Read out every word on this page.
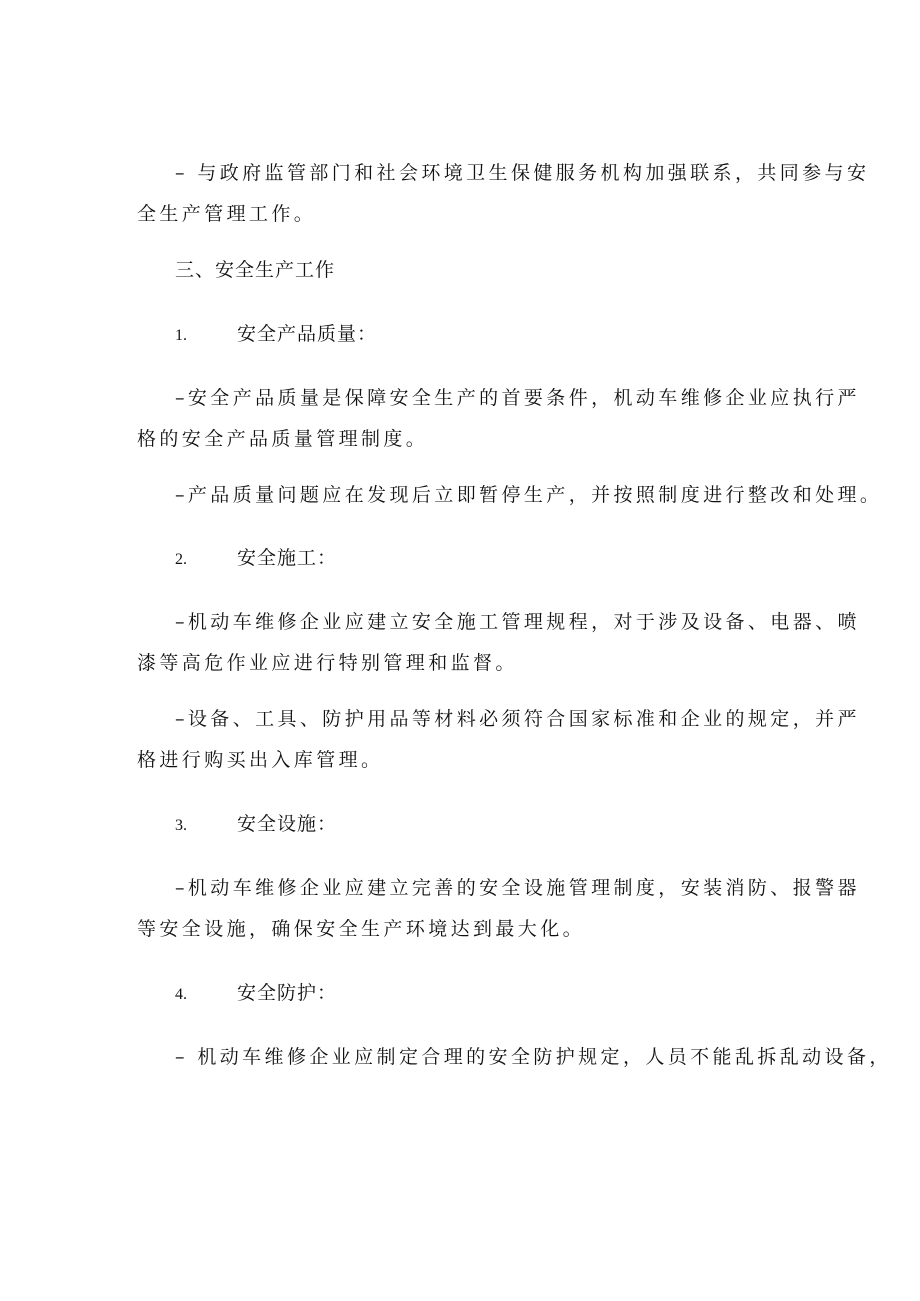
– 与政府监管部门和社会环境卫生保健服务机构加强联系，共同参与安
全生产管理工作。
三、安全生产工作
1.	安全产品质量：
–安全产品质量是保障安全生产的首要条件，机动车维修企业应执行严
格的安全产品质量管理制度。
–产品质量问题应在发现后立即暂停生产，并按照制度进行整改和处理。
2.	安全施工：
–机动车维修企业应建立安全施工管理规程，对于涉及设备、电器、喷
漆等高危作业应进行特别管理和监督。
–设备、工具、防护用品等材料必须符合国家标准和企业的规定，并严
格进行购买出入库管理。
3.	安全设施：
–机动车维修企业应建立完善的安全设施管理制度，安装消防、报警器
等安全设施，确保安全生产环境达到最大化。
4.	安全防护：
– 机动车维修企业应制定合理的安全防护规定，人员不能乱拆乱动设备，
